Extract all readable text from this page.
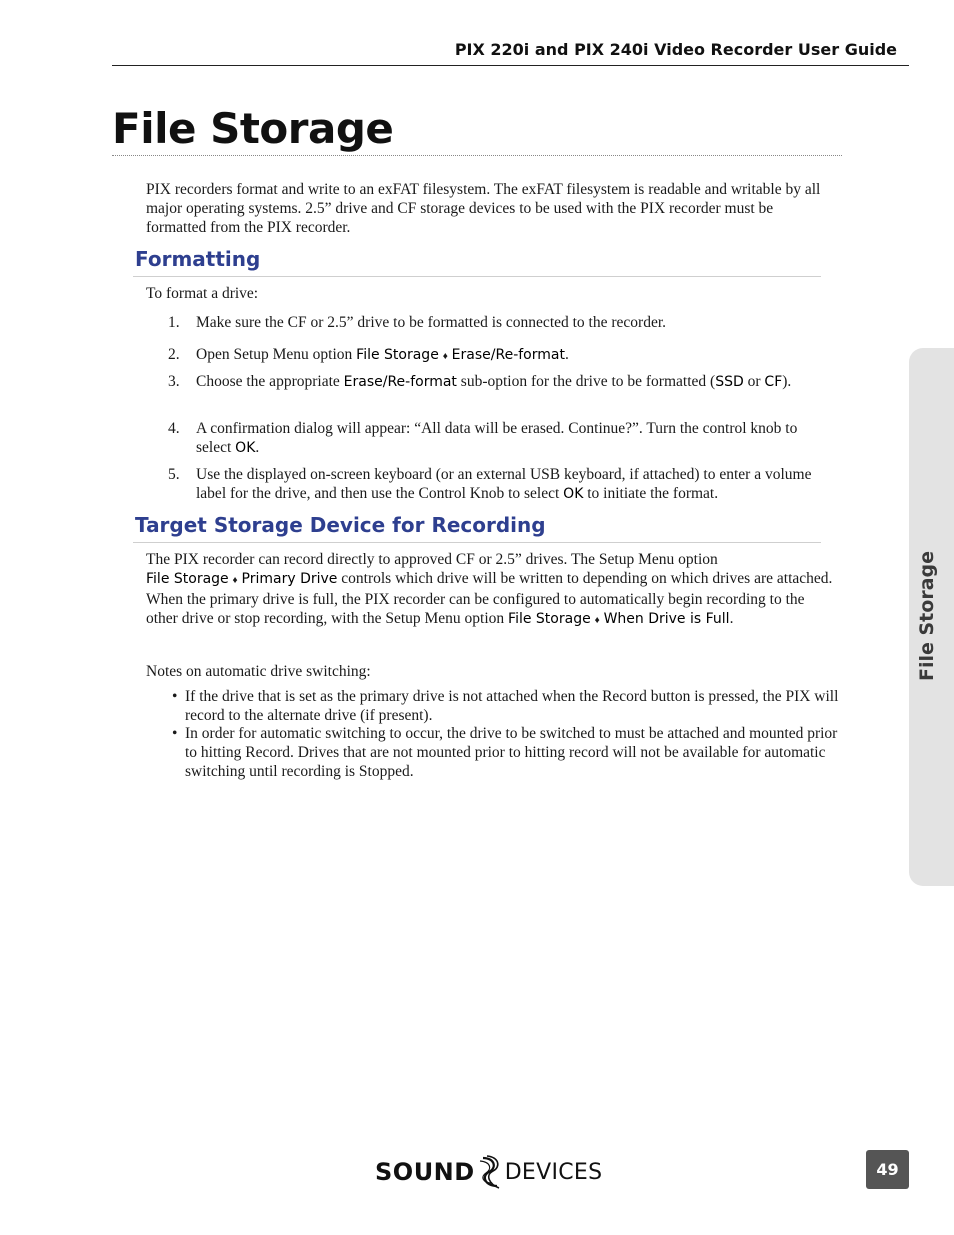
PIX 220i and PIX 240i Video Recorder User Guide
File Storage

PIX recorders format and write to an exFAT filesystem. The exFAT filesystem is readable and writable by all major operating systems. 2.5” drive and CF storage devices to be used with the PIX recorder must be formatted from the PIX recorder.

Formatting

To format a drive:

1. Make sure the CF or 2.5” drive to be formatted is connected to the recorder.
2. Open Setup Menu option File Storage ♦ Erase/Re-format.
3. Choose the appropriate Erase/Re-format sub-option for the drive to be formatted (SSD or CF).
4. A confirmation dialog will appear: “All data will be erased. Continue?”. Turn the control knob to select OK.
5. Use the displayed on-screen keyboard (or an external USB keyboard, if attached) to enter a volume label for the drive, and then use the Control Knob to select OK to initiate the format.
Target Storage Device for Recording

The PIX recorder can record directly to approved CF or 2.5” drives. The Setup Menu option
File Storage ♦ Primary Drive controls which drive will be written to depending on which drives are attached. When the primary drive is full, the PIX recorder can be configured to automatically begin recording to the other drive or stop recording, with the Setup Menu option File Storage ♦ When Drive is Full.

Notes on automatic drive switching:

• If the drive that is set as the primary drive is not attached when the Record button is pressed, the PIX will record to the alternate drive (if present).
• In order for automatic switching to occur, the drive to be switched to must be attached and mounted prior to hitting Record. Drives that are not mounted prior to hitting record will not be available for automatic switching until recording is Stopped.
File Storage
SOUND DEVICES	49
